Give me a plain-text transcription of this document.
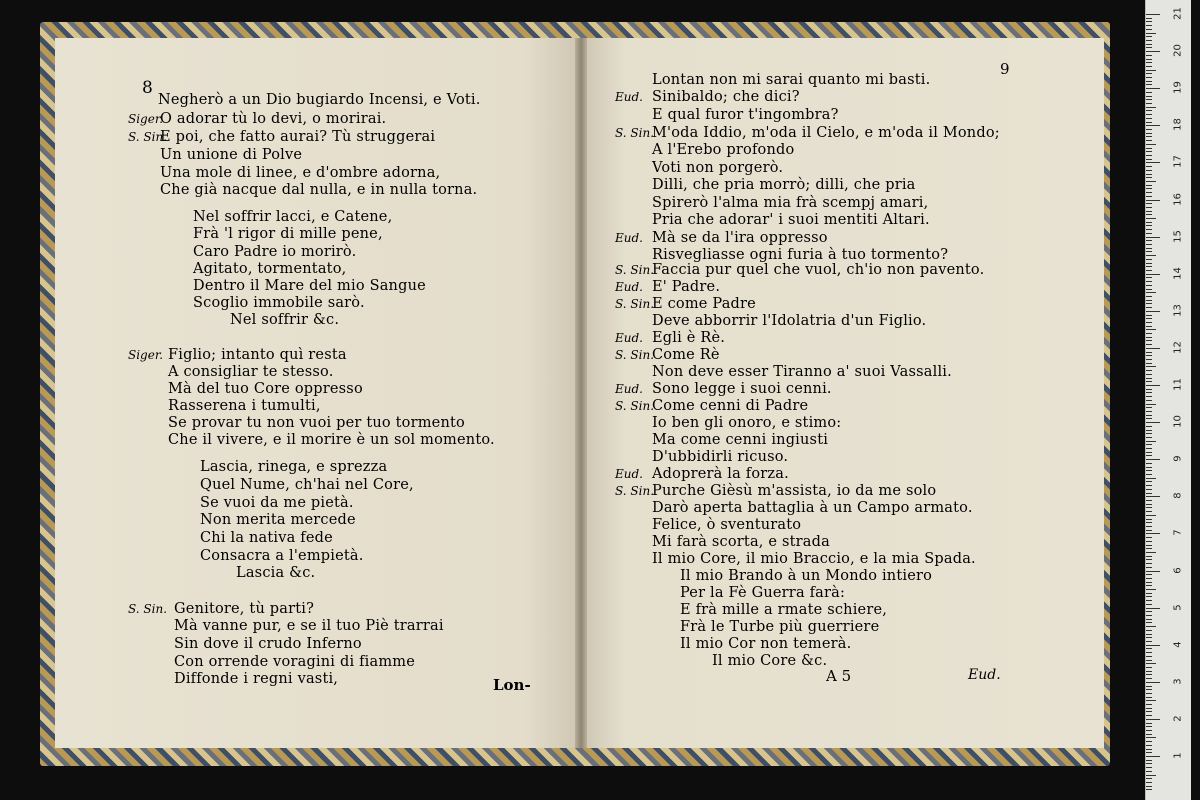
Negherò a un Dio bugiardo Incensi, e Voti.
Siger.
O adorar tù lo devi, o morirai.
S. Sin.
E poi, che fatto aurai? Tù struggerai
Un unione di Polve
Una mole di linee, e d'ombre adorna,
Che già nacque dal nulla, e in nulla torna.
Nel soffrir lacci, e Catene,
Frà 'l rigor di mille pene,
Caro Padre io morirò.
Agitato, tormentato,
Dentro il Mare del mio Sangue
Scoglio immobile sarò.
Nel soffrir &c.
Siger. Figlio; intanto quì resta
A consigliar te stesso.
Mà del tuo Core oppresso
Rasserena i tumulti,
Se provar tu non vuoi per tuo tormento
Che il vivere, e il morire è un sol momento.
Lascia, rinega, e sprezza
Quel Nume, ch'hai nel Core,
Se vuoi da me pietà.
Non merita mercede
Chi la nativa fede
Consacra a l'empietà.
Lascia &c.
S. Sin. Genitore, tù parti?
Mà vanne pur, e se il tuo Piè trarrai
Sin dove il crudo Inferno
Con orrende voragini di fiamme
Diffonde i regni vasti,
Lontan non mi sarai quanto mi basti.
Eud. Sinibaldo; che dici?
E qual furor t'ingombra?
S. Sin.
M'oda Iddio, m'oda il Cielo, e m'oda il Mondo;
A l'Erebo profondo
Voti non porgerò.
Dilli, che pria morrò; dilli, che pria
Spirerò l'alma mia frà scempj amari,
Pria che adorar' i suoi mentiti Altari.
Eud. Mà se da l'ira oppresso
Risvegliasse ogni furia à tuo tormento?
S. Sin.
Faccia pur quel che vuol, ch'io non pavento.
Eud. E' Padre.
S. Sin.
E come Padre
Deve abborrir l'Idolatria d'un Figlio.
Eud. Egli è Rè.
S. Sin.
Come Rè
Non deve esser Tiranno a' suoi Vassalli.
Eud. Sono legge i suoi cenni.
S. Sin.
Come cenni di Padre
Io ben gli onoro, e stimo:
Ma come cenni ingiusti
D'ubbidirli ricuso.
Eud. Adoprerà la forza.
S. Sin.
Purche Gièsù m'assista, io da me solo
Darò aperta battaglia à un Campo armato.
Felice, ò sventurato
Mi farà scorta, e strada
Il mio Core, il mio Braccio, e la mia Spada.
Il mio Brando à un Mondo intiero
Per la Fè Guerra farà:
E frà mille a rmate schiere,
Frà le Turbe più guerriere
Il mio Cor non temerà.
Il mio Core &c.
8
Lon-
9
A 5	Eud.
21
20
19
18
17
16
15
14
13
12
11
10
9
8
7
6
5
4
3
2
1
